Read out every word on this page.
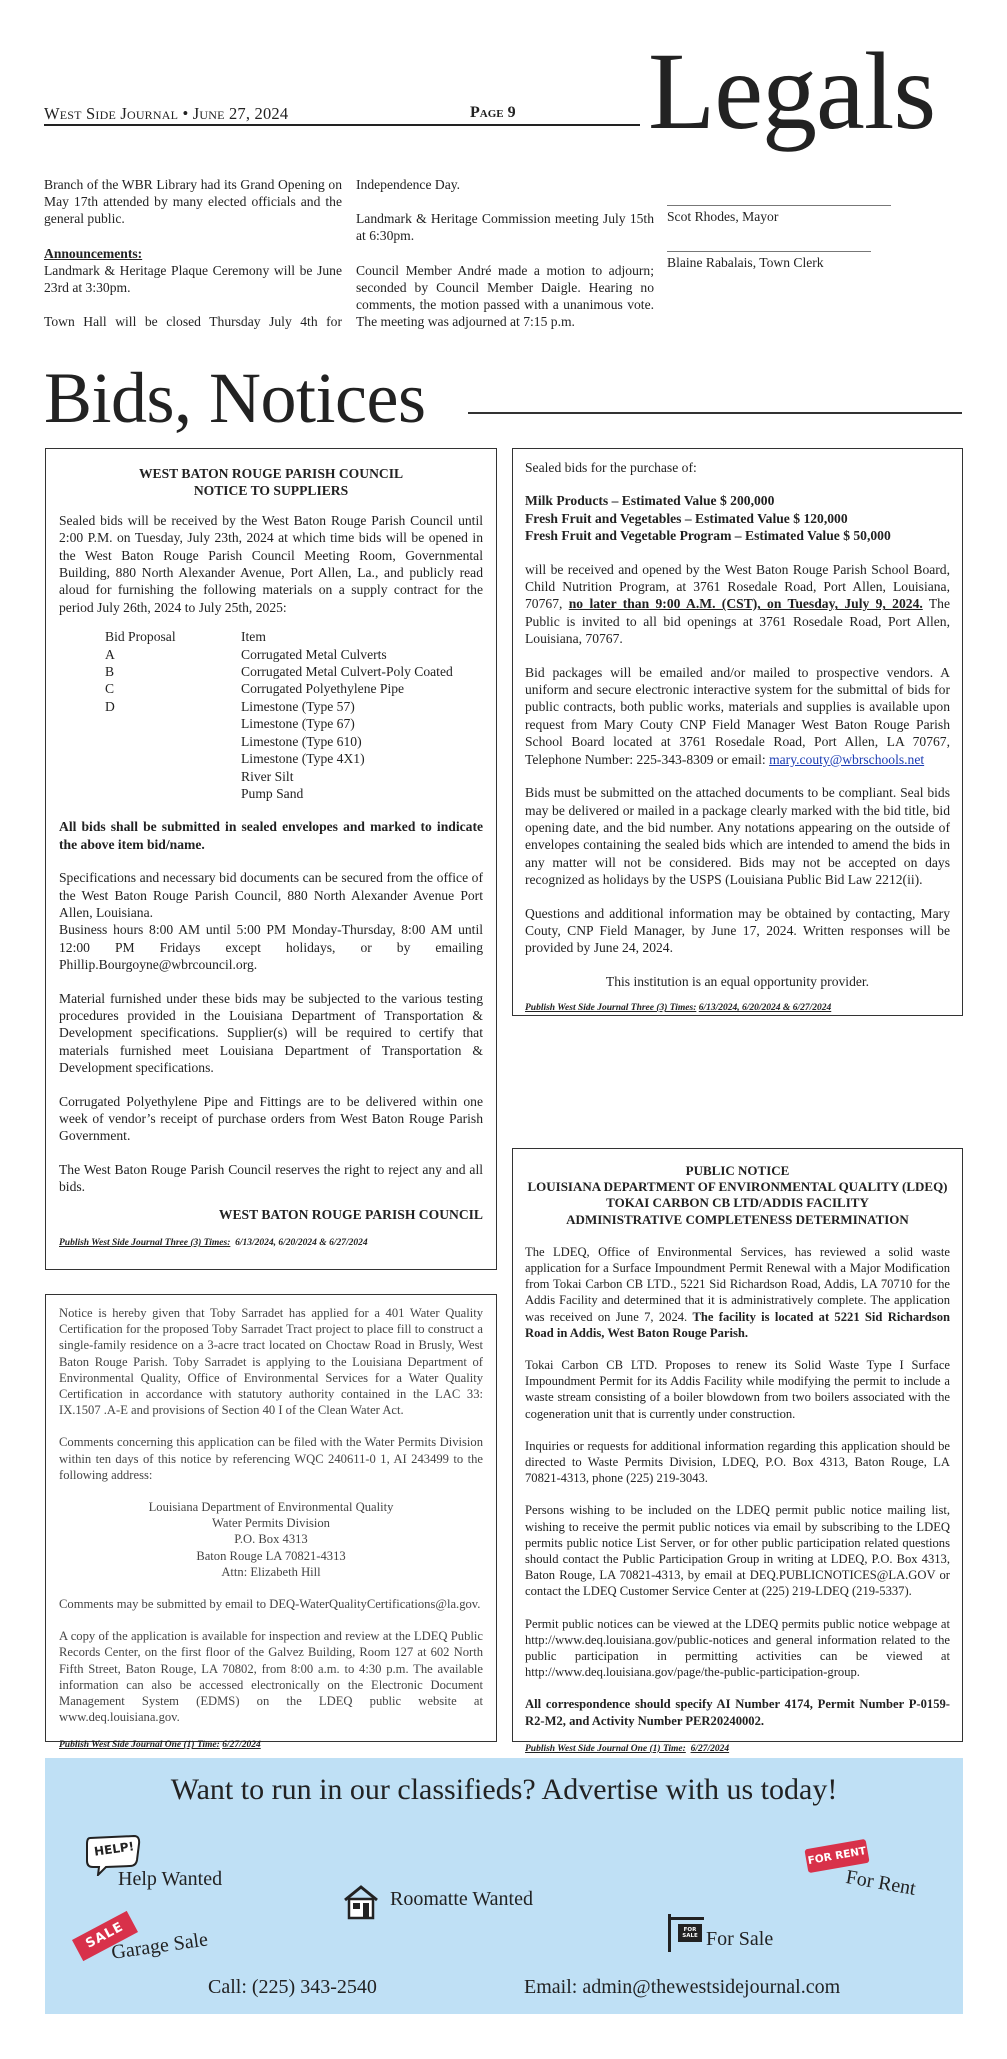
West Side Journal • June 27, 2024	Page 9 Legals

Branch of the WBR Library had its Grand Opening on May 17th attended by many elected officials and the general public.

Announcements:

Landmark & Heritage Plaque Ceremony will be June 23rd at 3:30pm.

Town Hall will be closed Thursday July 4th for

Independence Day.

Landmark & Heritage Commission meeting July 15th at 6:30pm.

Council Member André made a motion to adjourn; seconded by Council Member Daigle. Hearing no comments, the motion passed with a unanimous vote. The meeting was adjourned at 7:15 p.m.

Scot Rhodes, Mayor

Blaine Rabalais, Town Clerk

Bids, Notices

WEST BATON ROUGE PARISH COUNCIL

NOTICE TO SUPPLIERS

Sealed bids will be received by the West Baton Rouge Parish Council until 2:00 P.M. on Tuesday, July 23th, 2024 at which time bids will be opened in the West Baton Rouge Parish Council Meeting Room, Governmental Building, 880 North Alexander Avenue, Port Allen, La., and publicly read aloud for furnishing the following materials on a supply contract for the period July 26th, 2024 to July 25th, 2025:

Bid Proposal	Item
A	Corrugated Metal Culverts
B	Corrugated Metal Culvert-Poly Coated
C	Corrugated Polyethylene Pipe
D	Limestone (Type 57)
Limestone (Type 67)
Limestone (Type 610)
Limestone (Type 4X1)
River Silt
Pump Sand

All bids shall be submitted in sealed envelopes and marked to indicate the above item bid/name.

Specifications and necessary bid documents can be secured from the office of the West Baton Rouge Parish Council, 880 North Alexander Avenue Port Allen, Louisiana.

Business hours 8:00 AM until 5:00 PM Monday-Thursday, 8:00 AM until 12:00 PM Fridays except holidays, or by emailing Phillip.Bourgoyne@wbrcouncil.org.

Material furnished under these bids may be subjected to the various testing procedures provided in the Louisiana Department of Transportation & Development specifications. Supplier(s) will be required to certify that materials furnished meet Louisiana Department of Transportation & Development specifications.

Corrugated Polyethylene Pipe and Fittings are to be delivered within one week of vendor’s receipt of purchase orders from West Baton Rouge Parish Government.

The West Baton Rouge Parish Council reserves the right to reject any and all bids.

WEST BATON ROUGE PARISH COUNCIL

Publish West Side Journal Three (3) Times: 6/13/2024, 6/20/2024 & 6/27/2024

Sealed bids for the purchase of:

Milk Products – Estimated Value $ 200,000

Fresh Fruit and Vegetables – Estimated Value $ 120,000

Fresh Fruit and Vegetable Program – Estimated Value $ 50,000

will be received and opened by the West Baton Rouge Parish School Board, Child Nutrition Program, at 3761 Rosedale Road, Port Allen, Louisiana, 70767, no later than 9:00 A.M. (CST), on Tuesday, July 9, 2024. The Public is invited to all bid openings at 3761 Rosedale Road, Port Allen, Louisiana, 70767.

Bid packages will be emailed and/or mailed to prospective vendors. A uniform and secure electronic interactive system for the submittal of bids for public contracts, both public works, materials and supplies is available upon request from Mary Couty CNP Field Manager West Baton Rouge Parish School Board located at 3761 Rosedale Road, Port Allen, LA 70767, Telephone Number: 225-343-8309 or email: mary.couty@wbrschools.net

Bids must be submitted on the attached documents to be compliant. Seal bids may be delivered or mailed in a package clearly marked with the bid title, bid opening date, and the bid number. Any notations appearing on the outside of envelopes containing the sealed bids which are intended to amend the bids in any matter will not be considered. Bids may not be accepted on days recognized as holidays by the USPS (Louisiana Public Bid Law 2212(ii).

Questions and additional information may be obtained by contacting, Mary Couty, CNP Field Manager, by June 17, 2024. Written responses will be provided by June 24, 2024.

This institution is an equal opportunity provider.

Publish West Side Journal Three (3) Times: 6/13/2024, 6/20/2024 & 6/27/2024

Notice is hereby given that Toby Sarradet has applied for a 401 Water Quality Certification for the proposed Toby Sarradet Tract project to place fill to construct a single-family residence on a 3-acre tract located on Choctaw Road in Brusly, West Baton Rouge Parish. Toby Sarradet is applying to the Louisiana Department of Environmental Quality, Office of Environmental Services for a Water Quality Certification in accordance with statutory authority contained in the LAC 33: IX.1507 .A-E and provisions of Section 40 I of the Clean Water Act.

Comments concerning this application can be filed with the Water Permits Division within ten days of this notice by referencing WQC 240611-0 1, AI 243499 to the following address:

Louisiana Department of Environmental Quality

Water Permits Division

P.O. Box 4313

Baton Rouge LA 70821-4313

Attn: Elizabeth Hill

Comments may be submitted by email to DEQ-WaterQualityCertifications@la.gov.

A copy of the application is available for inspection and review at the LDEQ Public Records Center, on the first floor of the Galvez Building, Room 127 at 602 North Fifth Street, Baton Rouge, LA 70802, from 8:00 a.m. to 4:30 p.m. The available information can also be accessed electronically on the Electronic Document Management System (EDMS) on the LDEQ public website at www.deq.louisiana.gov.

Publish West Side Journal One (1) Time: 6/27/2024

PUBLIC NOTICE

LOUISIANA DEPARTMENT OF ENVIRONMENTAL QUALITY (LDEQ)

TOKAI CARBON CB LTD/ADDIS FACILITY

ADMINISTRATIVE COMPLETENESS DETERMINATION

The LDEQ, Office of Environmental Services, has reviewed a solid waste application for a Surface Impoundment Permit Renewal with a Major Modification from Tokai Carbon CB LTD., 5221 Sid Richardson Road, Addis, LA 70710 for the Addis Facility and determined that it is administratively complete. The application was received on June 7, 2024. The facility is located at 5221 Sid Richardson Road in Addis, West Baton Rouge Parish.

Tokai Carbon CB LTD. Proposes to renew its Solid Waste Type I Surface Impoundment Permit for its Addis Facility while modifying the permit to include a waste stream consisting of a boiler blowdown from two boilers associated with the cogeneration unit that is currently under construction.

Inquiries or requests for additional information regarding this application should be directed to Waste Permits Division, LDEQ, P.O. Box 4313, Baton Rouge, LA 70821-4313, phone (225) 219-3043.

Persons wishing to be included on the LDEQ permit public notice mailing list, wishing to receive the permit public notices via email by subscribing to the LDEQ permits public notice List Server, or for other public participation related questions should contact the Public Participation Group in writing at LDEQ, P.O. Box 4313, Baton Rouge, LA 70821-4313, by email at DEQ.PUBLICNOTICES@LA.GOV or contact the LDEQ Customer Service Center at (225) 219-LDEQ (219-5337).

Permit public notices can be viewed at the LDEQ permits public notice webpage at http://www.deq.louisiana.gov/public-notices and general information related to the public participation in permitting activities can be viewed at http://www.deq.louisiana.gov/page/the-public-participation-group.

All correspondence should specify AI Number 4174, Permit Number P-0159-R2-M2, and Activity Number PER20240002.

Publish West Side Journal One (1) Time: 6/27/2024

Want to run in our classifieds? Advertise with us today!
HELP!
Help Wanted
Roomatte Wanted
FOR RENT
For Rent
SALE
Garage Sale	FOR SALE For Sale
Call: (225) 343-2540	Email: admin@thewestsidejournal.com
